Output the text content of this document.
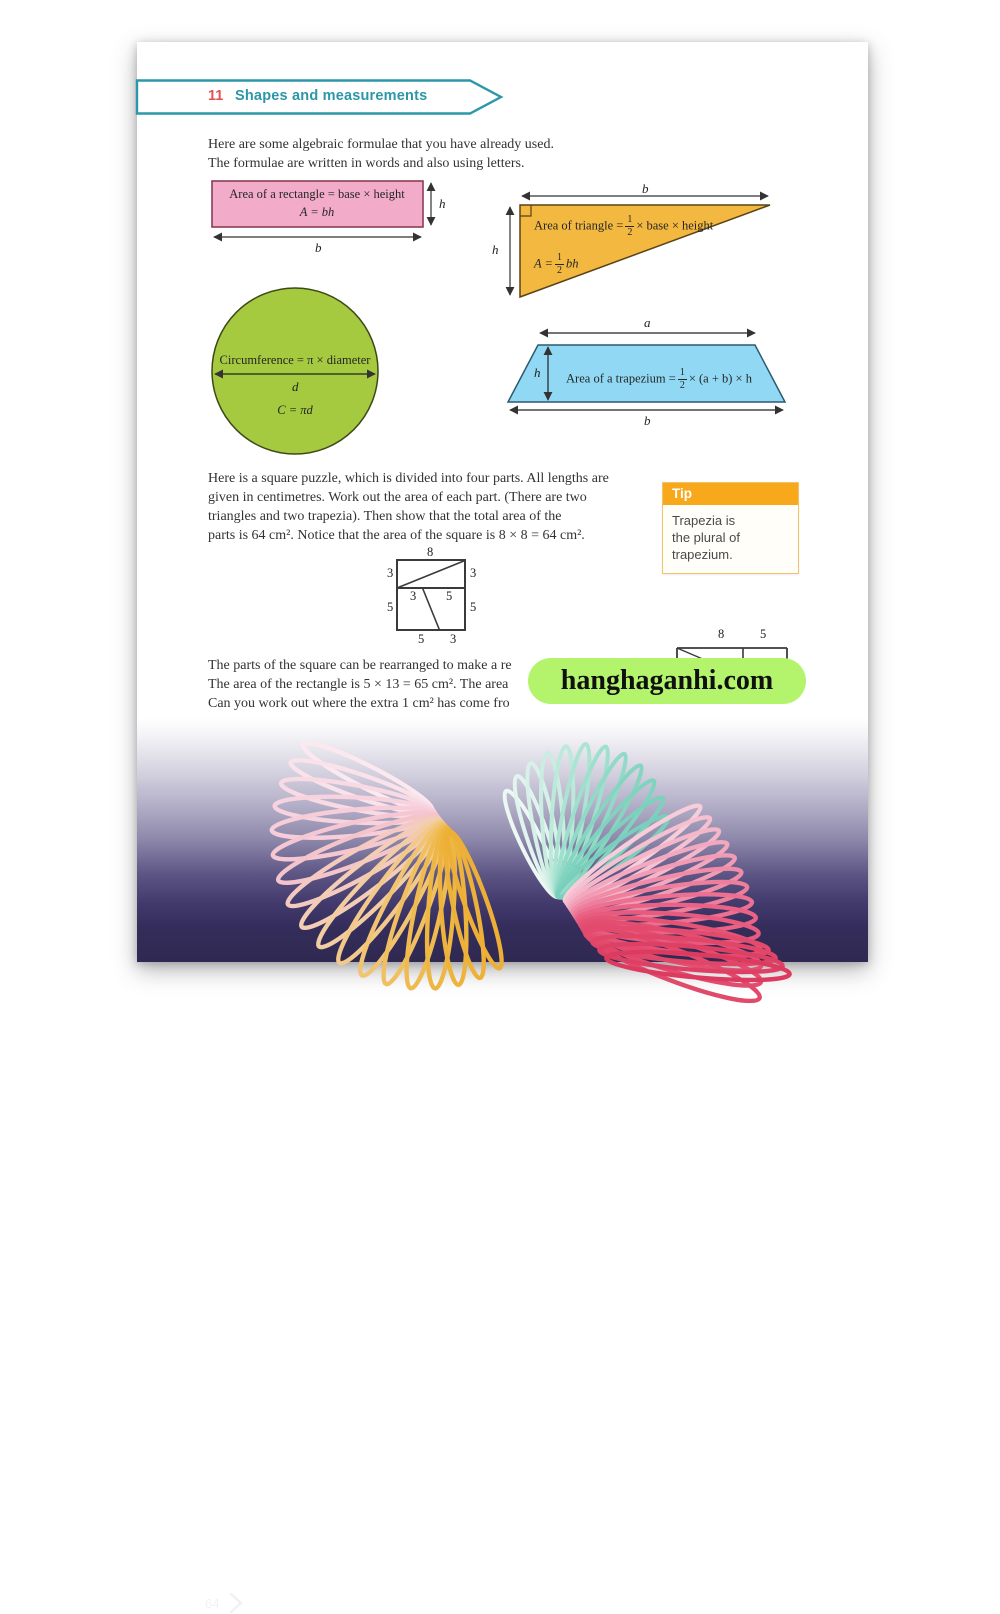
11 Shapes and measurements
Here are some algebraic formulae that you have already used.
The formulae are written in words and also using letters.
Area of a rectangle = base × height
A = bh
h
b
b
h
Area of triangle = $\frac{1}{2}$ × base × height
$A = \frac{1}{2}$ bh
Circumference = π × diameter
d
C = πd
a
b
h Area of a trapezium = $\frac{1}{2} \times (a + b) \times h$
Here is a square puzzle, which is divided into four parts. All lengths are
given in centimetres. Work out the area of each part. (There are two
triangles and two trapezia). Then show that the total area of the
parts is 64 cm². Notice that the area of the square is 8 × 8 = 64 cm².
Tip
Trapezia is
the plural of
trapezium.
8
3
5
3
5
3 5
5 3	8	5
The parts of the square can be rearranged to make a re
The area of the rectangle is 5 × 13 = 65 cm². The area
Can you work out where the extra 1 cm² has come fro
hanghaganhi.com
64
